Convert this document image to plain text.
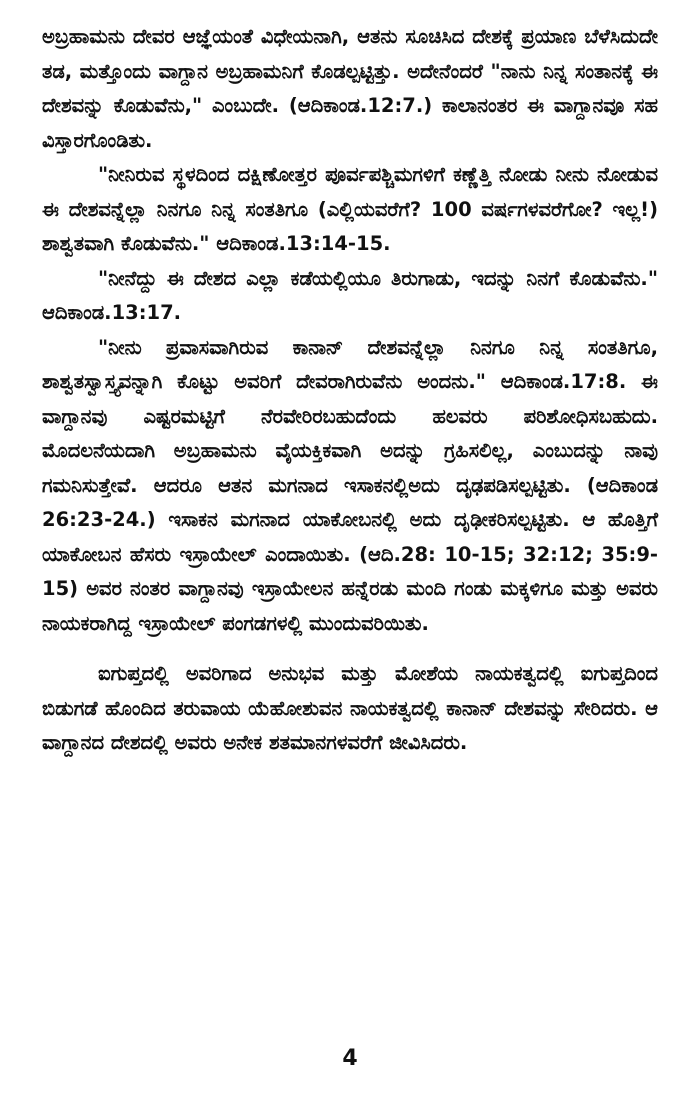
ಅಬ್ರಹಾಮನು ದೇವರ ಆಜ್ಞೆಯಂತೆ ವಿಧೇಯನಾಗಿ, ಆತನು ಸೂಚಿಸಿದ ದೇಶಕ್ಕೆ ಪ್ರಯಾಣ ಬೆಳೆಸಿದುದೇ ತಡ, ಮತ್ತೊಂದು ವಾಗ್ದಾನ ಅಬ್ರಹಾಮನಿಗೆ ಕೊಡಲ್ಪಟ್ಟಿತ್ತು. ಅದೇನೆಂದರೆ "ನಾನು ನಿನ್ನ ಸಂತಾನಕ್ಕೆ ಈ ದೇಶವನ್ನು ಕೊಡುವೆನು," ಎಂಬುದೇ. (ಆದಿಕಾಂಡ.12:7.) ಕಾಲಾನಂತರ ಈ ವಾಗ್ದಾನವೂ ಸಹ ವಿಸ್ತಾರಗೊಂಡಿತು.

"ನೀನಿರುವ ಸ್ಥಳದಿಂದ ದಕ್ಷಿಣೋತ್ತರ ಪೂರ್ವಪಶ್ಚಿಮಗಳಿಗೆ ಕಣ್ಣೆತ್ತಿ ನೋಡು ನೀನು ನೋಡುವ ಈ ದೇಶವನ್ನೆಲ್ಲಾ ನಿನಗೂ ನಿನ್ನ ಸಂತತಿಗೂ (ಎಲ್ಲಿಯವರೆಗೆ? 100 ವರ್ಷಗಳವರೆಗೋ? ಇಲ್ಲ!) ಶಾಶ್ವತವಾಗಿ ಕೊಡುವೆನು." ಆದಿಕಾಂಡ.13:14-15.

"ನೀನೆದ್ದು ಈ ದೇಶದ ಎಲ್ಲಾ ಕಡೆಯಲ್ಲಿಯೂ ತಿರುಗಾಡು, ಇದನ್ನು ನಿನಗೆ ಕೊಡುವೆನು." ಆದಿಕಾಂಡ.13:17.

"ನೀನು ಪ್ರವಾಸವಾಗಿರುವ ಕಾನಾನ್ ದೇಶವನ್ನೆಲ್ಲಾ ನಿನಗೂ ನಿನ್ನ ಸಂತತಿಗೂ, ಶಾಶ್ವತಸ್ವಾಸ್ತ್ಯವನ್ನಾಗಿ ಕೊಟ್ಟು ಅವರಿಗೆ ದೇವರಾಗಿರುವೆನು ಅಂದನು." ಆದಿಕಾಂಡ.17:8. ಈ ವಾಗ್ದಾನವು ಎಷ್ಟರಮಟ್ಟಿಗೆ ನೆರವೇರಿರಬಹುದೆಂದು ಹಲವರು ಪರಿಶೋಧಿಸಬಹುದು. ಮೊದಲನೆಯದಾಗಿ ಅಬ್ರಹಾಮನು ವೈಯಕ್ತಿಕವಾಗಿ ಅದನ್ನು ಗ್ರಹಿಸಲಿಲ್ಲ, ಎಂಬುದನ್ನು ನಾವು ಗಮನಿಸುತ್ತೇವೆ. ಆದರೂ ಆತನ ಮಗನಾದ ಇಸಾಕನಲ್ಲಿಅದು ದೃಢಪಡಿಸಲ್ಪಟ್ಟಿತು. (ಆದಿಕಾಂಡ 26:23-24.) ಇಸಾಕನ ಮಗನಾದ ಯಾಕೋಬನಲ್ಲಿ ಅದು ದೃಢೀಕರಿಸಲ್ಪಟ್ಟಿತು. ಆ ಹೊತ್ತಿಗೆ ಯಾಕೋಬನ ಹೆಸರು ಇಸ್ರಾಯೇಲ್ ಎಂದಾಯಿತು. (ಆದಿ.28: 10-15; 32:12; 35:9-15) ಅವರ ನಂತರ ವಾಗ್ದಾನವು ಇಸ್ರಾಯೇಲನ ಹನ್ನೆರಡು ಮಂದಿ ಗಂಡು ಮಕ್ಕಳಿಗೂ ಮತ್ತು ಅವರು ನಾಯಕರಾಗಿದ್ದ ಇಸ್ರಾಯೇಲ್ ಪಂಗಡಗಳಲ್ಲಿ ಮುಂದುವರಿಯಿತು.

ಐಗುಪ್ತದಲ್ಲಿ ಅವರಿಗಾದ ಅನುಭವ ಮತ್ತು ಮೋಶೆಯ ನಾಯಕತ್ವದಲ್ಲಿ ಐಗುಪ್ತದಿಂದ ಬಿಡುಗಡೆ ಹೊಂದಿದ ತರುವಾಯ ಯೆಹೋಶುವನ ನಾಯಕತ್ವದಲ್ಲಿ ಕಾನಾನ್ ದೇಶವನ್ನು ಸೇರಿದರು. ಆ ವಾಗ್ದಾನದ ದೇಶದಲ್ಲಿ ಅವರು ಅನೇಕ ಶತಮಾನಗಳವರೆಗೆ ಜೀವಿಸಿದರು.

4
